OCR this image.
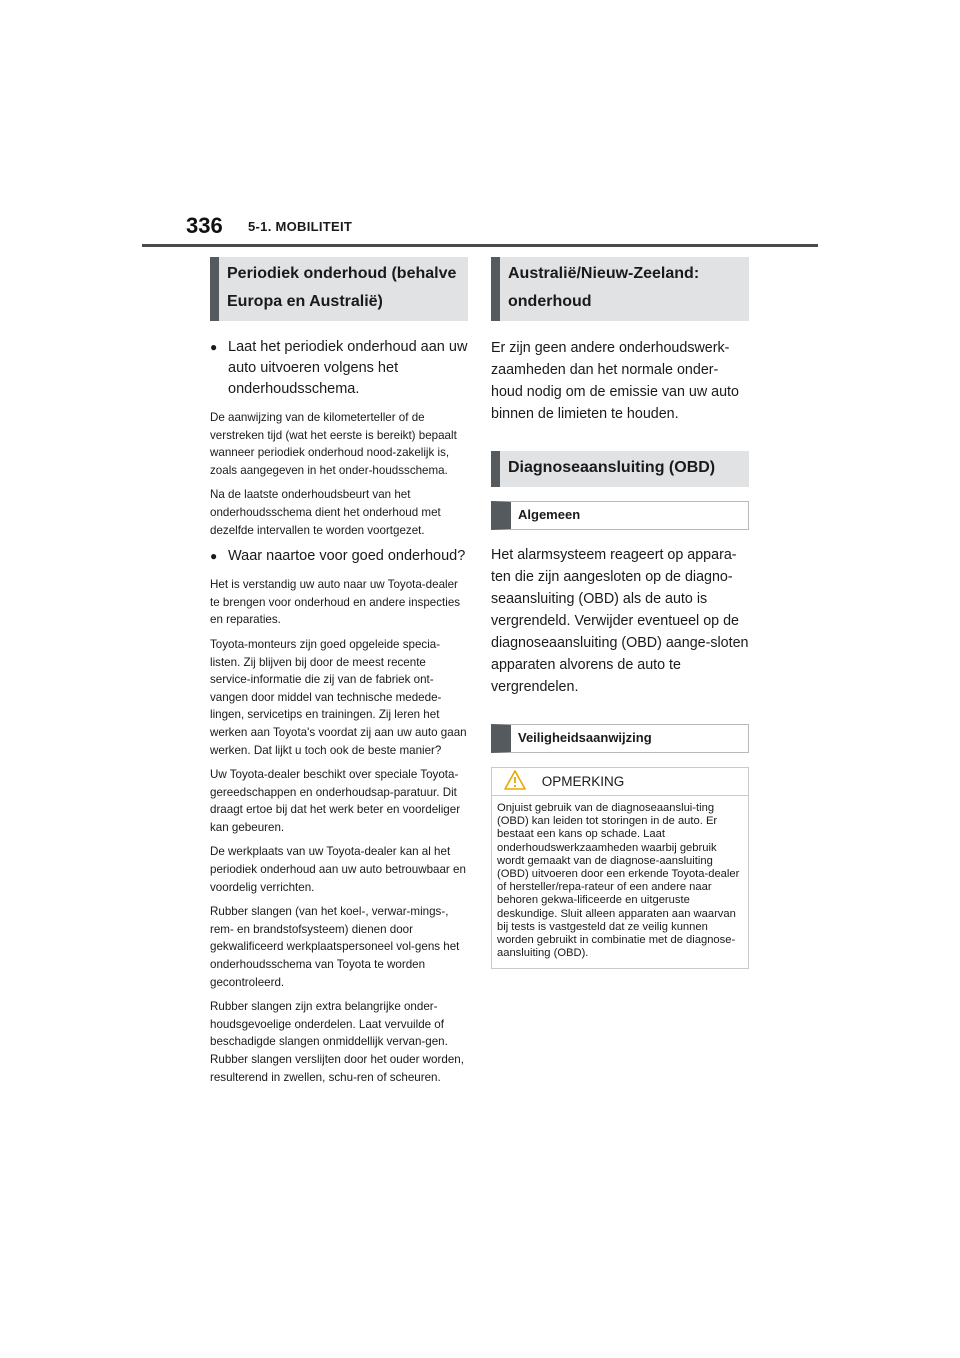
336 5-1. MOBILITEIT
Periodiek onderhoud (behalve Europa en Australië)

● Laat het periodiek onderhoud aan uw auto uitvoeren volgens het onderhoudsschema.

De aanwijzing van de kilometerteller of de verstreken tijd (wat het eerste is bereikt) bepaalt wanneer periodiek onderhoud nood-zakelijk is, zoals aangegeven in het onder-houdsschema.

Na de laatste onderhoudsbeurt van het onderhoudsschema dient het onderhoud met dezelfde intervallen te worden voortgezet.

● Waar naartoe voor goed onderhoud?

Het is verstandig uw auto naar uw Toyota-dealer te brengen voor onderhoud en andere inspecties en reparaties.

Toyota-monteurs zijn goed opgeleide specia-listen. Zij blijven bij door de meest recente service-informatie die zij van de fabriek ont-vangen door middel van technische medede-lingen, servicetips en trainingen. Zij leren het werken aan Toyota's voordat zij aan uw auto gaan werken. Dat lijkt u toch ook de beste manier?

Uw Toyota-dealer beschikt over speciale Toyota-gereedschappen en onderhoudsap-paratuur. Dit draagt ertoe bij dat het werk beter en voordeliger kan gebeuren.

De werkplaats van uw Toyota-dealer kan al het periodiek onderhoud aan uw auto betrouwbaar en voordelig verrichten.

Rubber slangen (van het koel-, verwar-mings-, rem- en brandstofsysteem) dienen door gekwalificeerd werkplaatspersoneel vol-gens het onderhoudsschema van Toyota te worden gecontroleerd.

Rubber slangen zijn extra belangrijke onder-houdsgevoelige onderdelen. Laat vervuilde of beschadigde slangen onmiddellijk vervan-gen. Rubber slangen verslijten door het ouder worden, resulterend in zwellen, schu-ren of scheuren.

Australië/Nieuw-Zeeland: onderhoud

Er zijn geen andere onderhoudswerk-zaamheden dan het normale onder-houd nodig om de emissie van uw auto binnen de limieten te houden.

Diagnoseaansluiting (OBD)
Algemeen

Het alarmsysteem reageert op appara-ten die zijn aangesloten op de diagno-seaansluiting (OBD) als de auto is vergrendeld. Verwijder eventueel op de diagnoseaansluiting (OBD) aange-sloten apparaten alvorens de auto te vergrendelen.

Veiligheidsaanwijzing
OPMERKING
Onjuist gebruik van de diagnoseaanslui-ting (OBD) kan leiden tot storingen in de auto. Er bestaat een kans op schade. Laat onderhoudswerkzaamheden waarbij gebruik wordt gemaakt van de diagnose-aansluiting (OBD) uitvoeren door een erkende Toyota-dealer of hersteller/repa-rateur of een andere naar behoren gekwa-lificeerde en uitgeruste deskundige. Sluit alleen apparaten aan waarvan bij tests is vastgesteld dat ze veilig kunnen worden gebruikt in combinatie met de diagnose-aansluiting (OBD).
